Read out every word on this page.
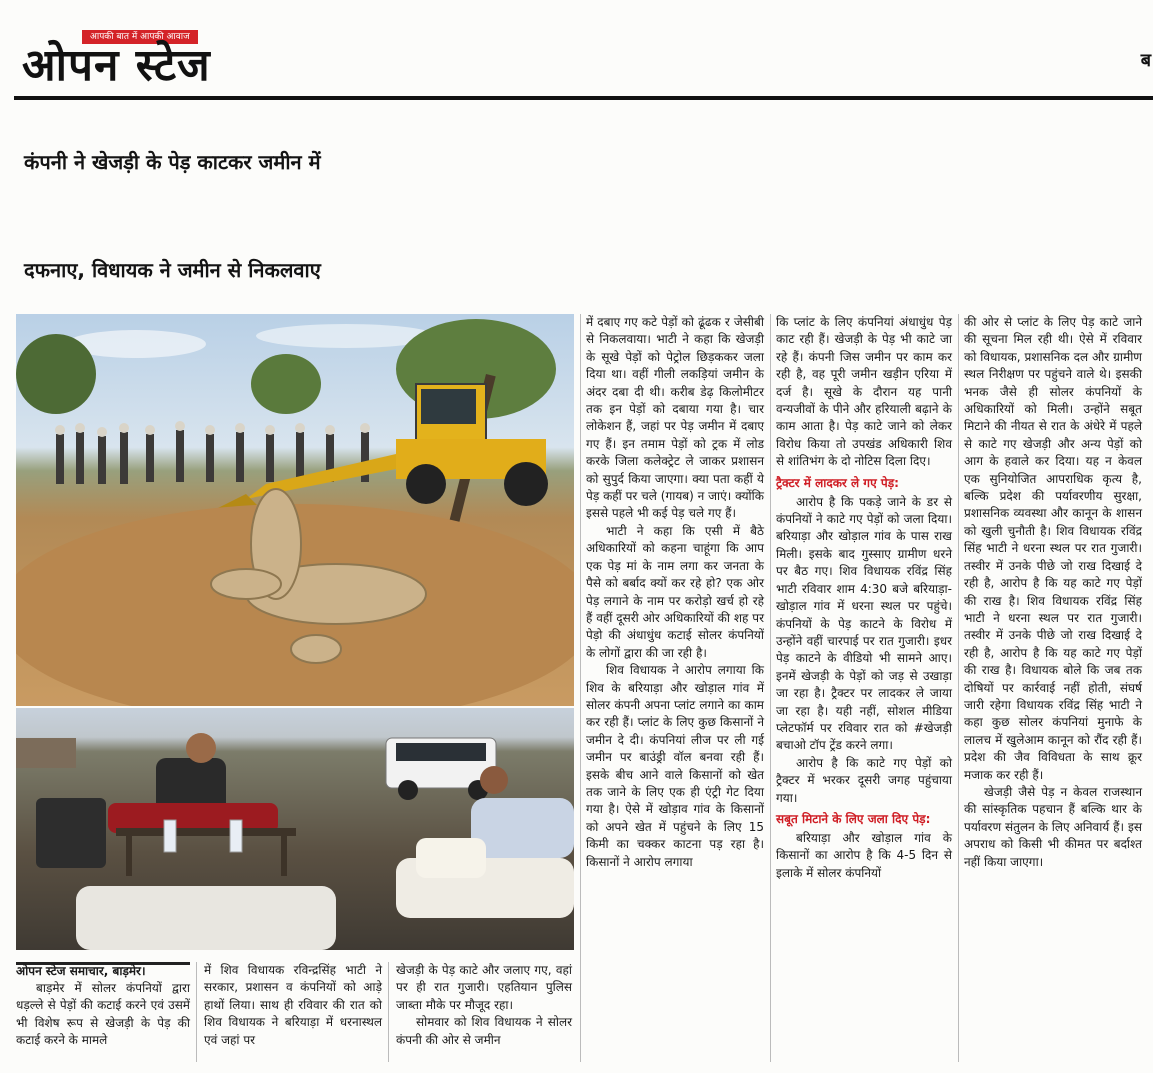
आपकी बात में आपकी आवाज
ओपन स्टेज	ब
कंपनी ने खेजड़ी के पेड़ काटकर जमीन में
दफनाए, विधायक ने जमीन से निकलवाए
ओपन स्टेज समाचार, बाड़मेर।

बाड़मेर में सोलर कंपनियों द्वारा धड़ल्ले से पेड़ों की कटाई करने एवं उसमें भी विशेष रूप से खेजड़ी के पेड़ की कटाई करने के मामले

में शिव विधायक रविन्द्रसिंह भाटी ने सरकार, प्रशासन व कंपनियों को आड़े हाथों लिया। साथ ही रविवार की रात को शिव विधायक ने बरियाड़ा में धरनास्थल एवं जहां पर

खेजड़ी के पेड़ काटे और जलाए गए, वहां पर ही रात गुजारी। एहतियान पुलिस जाब्ता मौके पर मौजूद रहा।

सोमवार को शिव विधायक ने सोलर कंपनी की ओर से जमीन

में दबाए गए कटे पेड़ों को ढूंढक र जेसीबी से निकलवाया। भाटी ने कहा कि खेजड़ी के सूखे पेड़ों को पेट्रोल छिड़ककर जला दिया था। वहीं गीली लकड़ियां जमीन के अंदर दबा दी थी। करीब डेढ़ किलोमीटर तक इन पेड़ों को दबाया गया है। चार लोकेशन हैं, जहां पर पेड़ जमीन में दबाए गए हैं। इन तमाम पेड़ों को ट्रक में लोड करके जिला कलेक्ट्रेट ले जाकर प्रशासन को सुपुर्द किया जाएगा। क्या पता कहीं ये पेड़ कहीं पर चले (गायब) न जाएं। क्योंकि इससे पहले भी कई पेड़ चले गए हैं।

भाटी ने कहा कि एसी में बैठे अधिकारियों को कहना चाहूंगा कि आप एक पेड़ मां के नाम लगा कर जनता के पैसे को बर्बाद क्यों कर रहे हो? एक ओर पेड़ लगाने के नाम पर करोड़ो खर्च हो रहे हैं वहीं दूसरी ओर अधिकारियों की शह पर पेड़ो की अंधाधुंध कटाई सोलर कंपनियों के लोगों द्वारा की जा रही है।

शिव विधायक ने आरोप लगाया कि शिव के बरियाड़ा और खोड़ाल गांव में सोलर कंपनी अपना प्लांट लगाने का काम कर रही हैं। प्लांट के लिए कुछ किसानों ने जमीन दे दी। कंपनियां लीज पर ली गई जमीन पर बाउंड्री वॉल बनवा रही हैं। इसके बीच आने वाले किसानों को खेत तक जाने के लिए एक ही एंट्री गेट दिया गया है। ऐसे में खोड़ाव गांव के किसानों को अपने खेत में पहुंचने के लिए 15 किमी का चक्कर काटना पड़ रहा है। किसानों ने आरोप लगाया

कि प्लांट के लिए कंपनियां अंधाधुंध पेड़ काट रही हैं। खेजड़ी के पेड़ भी काटे जा रहे हैं। कंपनी जिस जमीन पर काम कर रही है, वह पूरी जमीन खड़ीन एरिया में दर्ज है। सूखे के दौरान यह पानी वन्यजीवों के पीने और हरियाली बढ़ाने के काम आता है। पेड़ काटे जाने को लेकर विरोध किया तो उपखंड अधिकारी शिव से शांतिभंग के दो नोटिस दिला दिए।

ट्रैक्टर में लादकर ले गए पेड़:

आरोप है कि पकड़े जाने के डर से कंपनियों ने काटे गए पेड़ों को जला दिया। बरियाड़ा और खोड़ाल गांव के पास राख मिली। इसके बाद गुस्साए ग्रामीण धरने पर बैठ गए। शिव विधायक रविंद्र सिंह भाटी रविवार शाम 4:30 बजे बरियाड़ा-खोड़ाल गांव में धरना स्थल पर पहुंचे। कंपनियों के पेड़ काटने के विरोध में उन्होंने वहीं चारपाई पर रात गुजारी। इधर पेड़ काटने के वीडियो भी सामने आए। इनमें खेजड़ी के पेड़ों को जड़ से उखाड़ा जा रहा है। ट्रैक्टर पर लादकर ले जाया जा रहा है। यही नहीं, सोशल मीडिया प्लेटफॉर्म पर रविवार रात को #खेजड़ी बचाओ टॉप ट्रेंड करने लगा।

आरोप है कि काटे गए पेड़ों को ट्रैक्टर में भरकर दूसरी जगह पहुंचाया गया।

सबूत मिटाने के लिए जला दिए पेड़:

बरियाड़ा और खोड़ाल गांव के किसानों का आरोप है कि 4-5 दिन से इलाके में सोलर कंपनियों

की ओर से प्लांट के लिए पेड़ काटे जाने की सूचना मिल रही थी। ऐसे में रविवार को विधायक, प्रशासनिक दल और ग्रामीण स्थल निरीक्षण पर पहुंचने वाले थे। इसकी भनक जैसे ही सोलर कंपनियों के अधिकारियों को मिली। उन्होंने सबूत मिटाने की नीयत से रात के अंधेरे में पहले से काटे गए खेजड़ी और अन्य पेड़ों को आग के हवाले कर दिया। यह न केवल एक सुनियोजित आपराधिक कृत्य है, बल्कि प्रदेश की पर्यावरणीय सुरक्षा, प्रशासनिक व्यवस्था और कानून के शासन को खुली चुनौती है। शिव विधायक रविंद्र सिंह भाटी ने धरना स्थल पर रात गुजारी। तस्वीर में उनके पीछे जो राख दिखाई दे रही है, आरोप है कि यह काटे गए पेड़ों की राख है। शिव विधायक रविंद्र सिंह भाटी ने धरना स्थल पर रात गुजारी। तस्वीर में उनके पीछे जो राख दिखाई दे रही है, आरोप है कि यह काटे गए पेड़ों की राख है। विधायक बोले कि जब तक दोषियों पर कार्रवाई नहीं होती, संघर्ष जारी रहेगा विधायक रविंद्र सिंह भाटी ने कहा कुछ सोलर कंपनियां मुनाफे के लालच में खुलेआम कानून को रौंद रही हैं। प्रदेश की जैव विविधता के साथ क्रूर मजाक कर रही हैं।

खेजड़ी जैसे पेड़ न केवल राजस्थान की सांस्कृतिक पहचान हैं बल्कि थार के पर्यावरण संतुलन के लिए अनिवार्य हैं। इस अपराध को किसी भी कीमत पर बर्दाश्त नहीं किया जाएगा।
